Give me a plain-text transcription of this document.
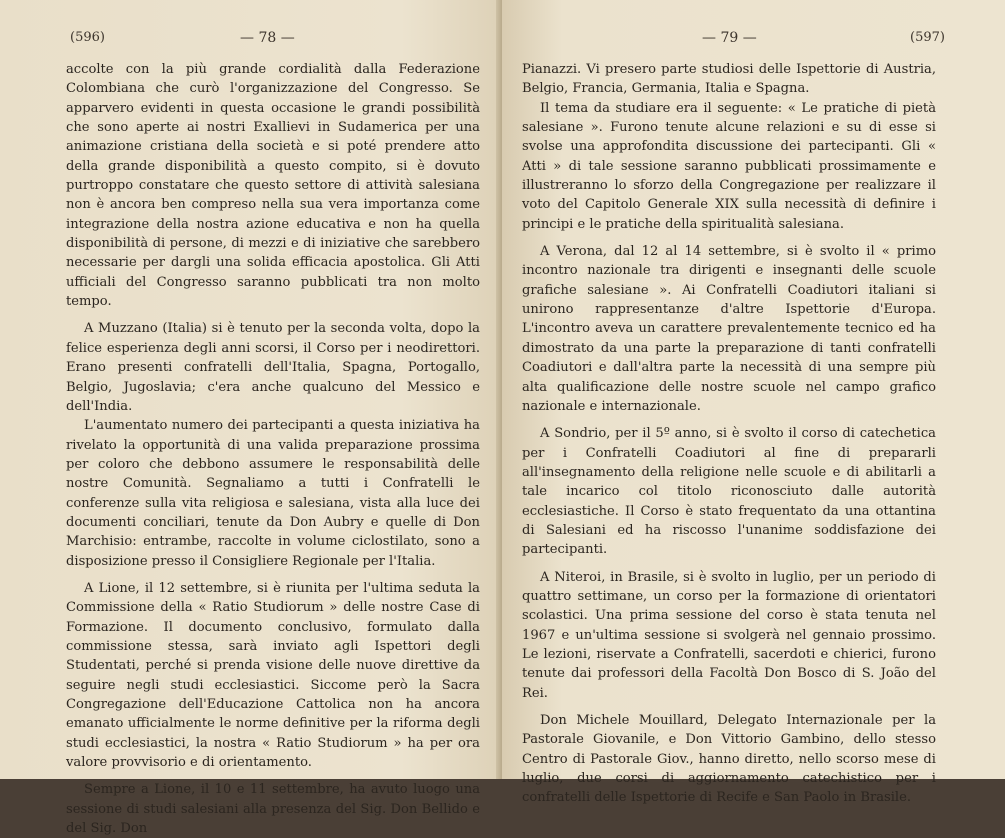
(596)	— 78 —

accolte con la più grande cordialità dalla Federazione Colombiana che curò l'organizzazione del Congresso. Se apparvero evidenti in questa occasione le grandi possibilità che sono aperte ai nostri Exallievi in Sudamerica per una animazione cristiana della società e si poté prendere atto della grande disponibilità a questo compito, si è dovuto purtroppo constatare che questo settore di attività salesiana non è ancora ben compreso nella sua vera importanza come integrazione della nostra azione educativa e non ha quella disponibilità di persone, di mezzi e di iniziative che sarebbero necessarie per dargli una solida efficacia apostolica. Gli Atti ufficiali del Congresso saranno pubblicati tra non molto tempo.

A Muzzano (Italia) si è tenuto per la seconda volta, dopo la felice esperienza degli anni scorsi, il Corso per i neodirettori. Erano presenti confratelli dell'Italia, Spagna, Portogallo, Belgio, Jugoslavia; c'era anche qualcuno del Messico e dell'India.

L'aumentato numero dei partecipanti a questa iniziativa ha rivelato la opportunità di una valida preparazione prossima per coloro che debbono assumere le responsabilità delle nostre Comunità. Segnaliamo a tutti i Confratelli le conferenze sulla vita religiosa e salesiana, vista alla luce dei documenti conciliari, tenute da Don Aubry e quelle di Don Marchisio: entrambe, raccolte in volume ciclostilato, sono a disposizione presso il Consigliere Regionale per l'Italia.

A Lione, il 12 settembre, si è riunita per l'ultima seduta la Commissione della « Ratio Studiorum » delle nostre Case di Formazione. Il documento conclusivo, formulato dalla commissione stessa, sarà inviato agli Ispettori degli Studentati, perché si prenda visione delle nuove direttive da seguire negli studi ecclesiastici. Siccome però la Sacra Congregazione dell'Educazione Cattolica non ha ancora emanato ufficialmente le norme definitive per la riforma degli studi ecclesiastici, la nostra « Ratio Studiorum » ha per ora valore provvisorio e di orientamento.

Sempre a Lione, il 10 e 11 settembre, ha avuto luogo una sessione di studi salesiani alla presenza del Sig. Don Bellido e del Sig. Don

— 79 —	(597)

Pianazzi. Vi presero parte studiosi delle Ispettorie di Austria, Belgio, Francia, Germania, Italia e Spagna.

Il tema da studiare era il seguente: « Le pratiche di pietà salesiane ». Furono tenute alcune relazioni e su di esse si svolse una approfondita discussione dei partecipanti. Gli « Atti » di tale sessione saranno pubblicati prossimamente e illustreranno lo sforzo della Congregazione per realizzare il voto del Capitolo Generale XIX sulla necessità di definire i principi e le pratiche della spiritualità salesiana.

A Verona, dal 12 al 14 settembre, si è svolto il « primo incontro nazionale tra dirigenti e insegnanti delle scuole grafiche salesiane ». Ai Confratelli Coadiutori italiani si unirono rappresentanze d'altre Ispettorie d'Europa. L'incontro aveva un carattere prevalentemente tecnico ed ha dimostrato da una parte la preparazione di tanti confratelli Coadiutori e dall'altra parte la necessità di una sempre più alta qualificazione delle nostre scuole nel campo grafico nazionale e internazionale.

A Sondrio, per il 5º anno, si è svolto il corso di catechetica per i Confratelli Coadiutori al fine di prepararli all'insegnamento della religione nelle scuole e di abilitarli a tale incarico col titolo riconosciuto dalle autorità ecclesiastiche. Il Corso è stato frequentato da una ottantina di Salesiani ed ha riscosso l'unanime soddisfazione dei partecipanti.

A Niteroi, in Brasile, si è svolto in luglio, per un periodo di quattro settimane, un corso per la formazione di orientatori scolastici. Una prima sessione del corso è stata tenuta nel 1967 e un'ultima sessione si svolgerà nel gennaio prossimo. Le lezioni, riservate a Confratelli, sacerdoti e chierici, furono tenute dai professori della Facoltà Don Bosco di S. João del Rei.

Don Michele Mouillard, Delegato Internazionale per la Pastorale Giovanile, e Don Vittorio Gambino, dello stesso Centro di Pastorale Giov., hanno diretto, nello scorso mese di luglio, due corsi di aggiornamento catechistico per i confratelli delle Ispettorie di Recife e San Paolo in Brasile.
